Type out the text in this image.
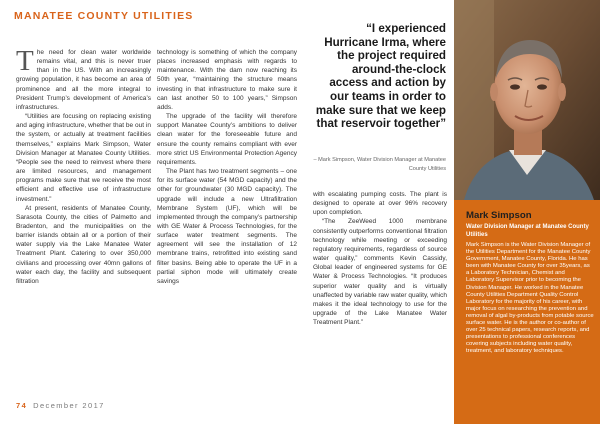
MANATEE COUNTY UTILITIES
T he need for clean water worldwide remains vital, and this is never truer than in the US. With an increasingly growing population, it has become an area of prominence and all the more integral to President Trump’s development of America’s infrastructures.

“Utilities are focusing on replacing existing and aging infrastructure, whether that be out in the system, or actually at treatment facilities themselves,” explains Mark Simpson, Water Division Manager at Manatee County Utilities. “People see the need to reinvest where there are limited resources, and management programs make sure that we receive the most efficient and effective use of infrastructure investment.”

At present, residents of Manatee County, Sarasota County, the cities of Palmetto and Bradenton, and the municipalities on the barrier islands obtain all or a portion of their water supply via the Lake Manatee Water Treatment Plant. Catering to over 350,000 civilians and processing over 40mn gallons of water each day, the facility and subsequent filtration

technology is something of which the company places increased emphasis with regards to maintenance. With the dam now reaching its 50th year, “maintaining the structure means investing in that infrastructure to make sure it can last another 50 to 100 years,” Simpson adds.

The upgrade of the facility will therefore support Manatee County’s ambitions to deliver clean water for the foreseeable future and ensure the county remains compliant with ever more strict US Environmental Protection Agency requirements.

The Plant has two treatment segments – one for its surface water (54 MGD capacity) and the other for groundwater (30 MGD capacity). The upgrade will include a new Ultrafiltration Membrane System (UF), which will be implemented through the company’s partnership with GE Water & Process Technologies, for the surface water treatment segments. The agreement will see the installation of 12 membrane trains, retrofitted into existing sand filter basins. Being able to operate the UF in a partial siphon mode will ultimately create savings

“I experienced Hurricane Irma, where the project required around-the-clock access and action by our teams in order to make sure that we keep that reservoir together”
– Mark Simpson, Water Division Manager at Manatee County Utilities

with escalating pumping costs. The plant is designed to operate at over 96% recovery upon completion.

“The ZeeWeed 1000 membrane consistently outperforms conventional filtration technology while meeting or exceeding regulatory requirements, regardless of source water quality,” comments Kevin Cassidy, Global leader of engineered systems for GE Water & Process Technologies. “It produces superior water quality and is virtually unaffected by variable raw water quality, which makes it the ideal technology to use for the upgrade of the Lake Manatee Water Treatment Plant.”

Mark Simpson
Water Division Manager at Manatee County Utilities
Mark Simpson is the Water Division Manager of the Utilities Department for the Manatee County Government, Manatee County, Florida. He has been with Manatee County for over 35years, as a Laboratory Technician, Chemist and Laboratory Supervisor prior to becoming the Division Manager. He worked in the Manatee County Utilities Department Quality Control Laboratory for the majority of his career, with major focus on researching the prevention and removal of algal by-products from potable source surface water. He is the author or co-author of over 25 technical papers, research reports, and presentations to professional conferences covering subjects including water quality, treatment, and laboratory techniques.
74 December 2017
